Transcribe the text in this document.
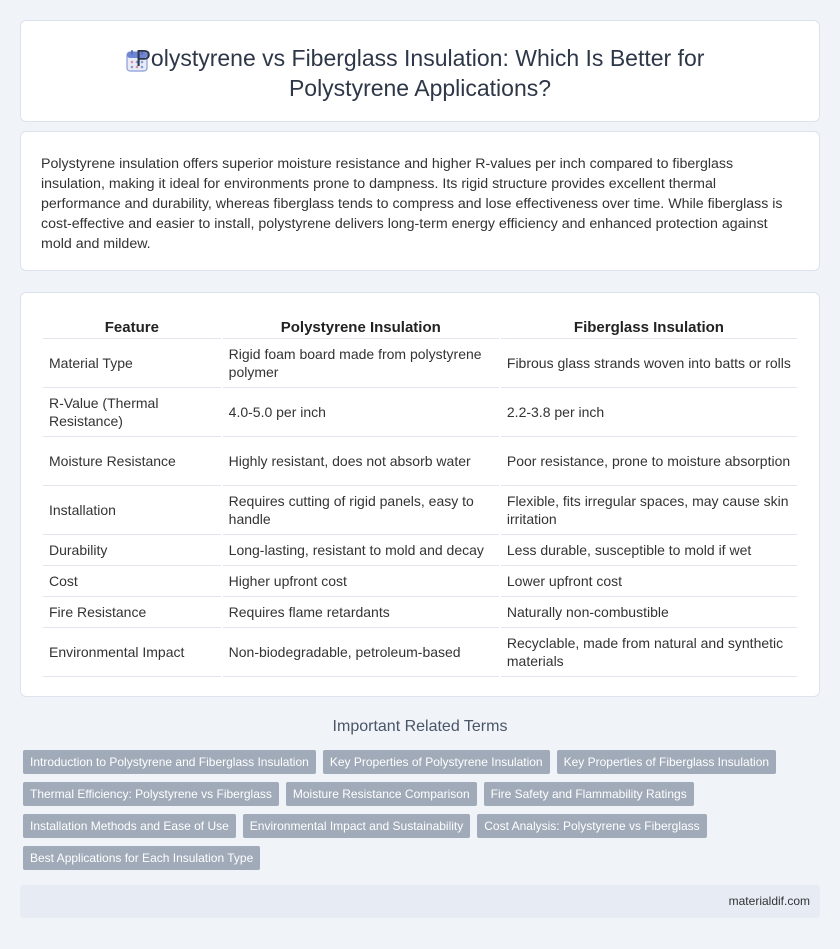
Polystyrene vs Fiberglass Insulation: Which Is Better for
Polystyrene Applications?

Polystyrene insulation offers superior moisture resistance and higher R-values per inch compared to fiberglass insulation, making it ideal for environments prone to dampness. Its rigid structure provides excellent thermal performance and durability, whereas fiberglass tends to compress and lose effectiveness over time. While fiberglass is cost-effective and easier to install, polystyrene delivers long-term energy efficiency and enhanced protection against mold and mildew.

Feature	Polystyrene Insulation	Fiberglass Insulation
Material Type	Rigid foam board made from polystyrene polymer	Fibrous glass strands woven into batts or rolls
R-Value (Thermal Resistance)	4.0-5.0 per inch	2.2-3.8 per inch
Moisture Resistance	Highly resistant, does not absorb water	Poor resistance, prone to moisture absorption
Installation	Requires cutting of rigid panels, easy to handle	Flexible, fits irregular spaces, may cause skin irritation
Durability	Long-lasting, resistant to mold and decay	Less durable, susceptible to mold if wet
Cost	Higher upfront cost	Lower upfront cost
Fire Resistance	Requires flame retardants	Naturally non-combustible
Environmental Impact	Non-biodegradable, petroleum-based	Recyclable, made from natural and synthetic materials
Important Related Terms
Introduction to Polystyrene and Fiberglass Insulation	Key Properties of Polystyrene Insulation	Key Properties of Fiberglass Insulation
Thermal Efficiency: Polystyrene vs Fiberglass	Moisture Resistance Comparison	Fire Safety and Flammability Ratings
Installation Methods and Ease of Use	Environmental Impact and Sustainability	Cost Analysis: Polystyrene vs Fiberglass
Best Applications for Each Insulation Type
materialdif.com
